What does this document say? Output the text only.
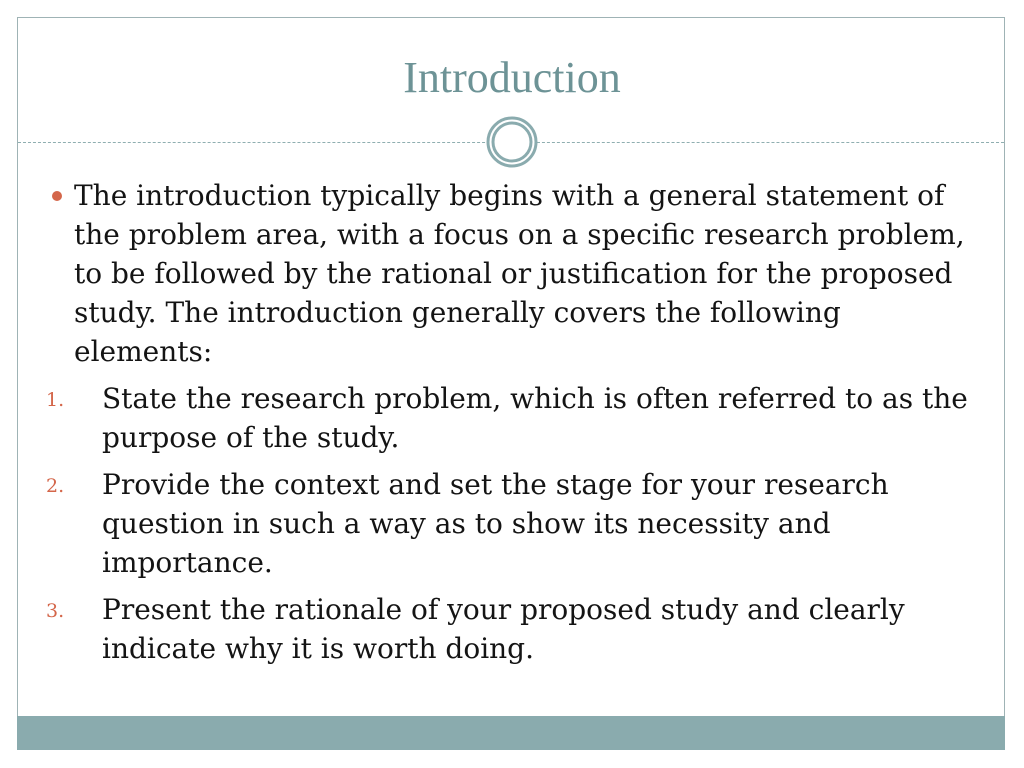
Introduction
The introduction typically begins with a general statement of the problem area, with a focus on a specific research problem, to be followed by the rational or justification for the proposed study. The introduction generally covers the following elements:
1. State the research problem, which is often referred to as the purpose of the study.
2. Provide the context and set the stage for your research question in such a way as to show its necessity and importance.
3. Present the rationale of your proposed study and clearly indicate why it is worth doing.
